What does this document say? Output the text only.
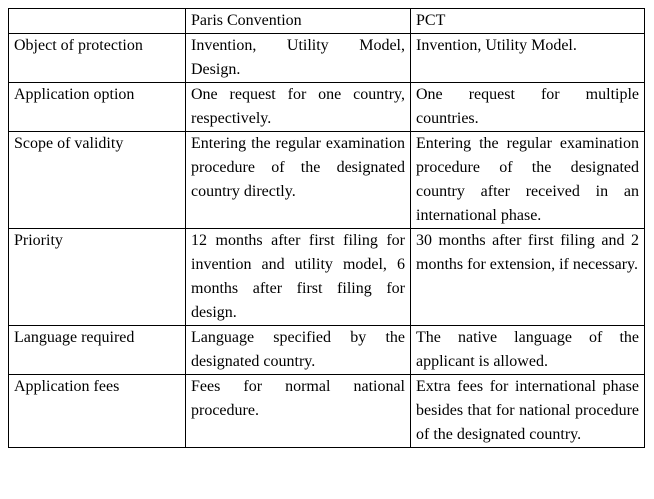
	Paris Convention	PCT
Object of protection	Invention, Utility Model, Design.	Invention, Utility Model.
Application option	One request for one country, respectively.	One request for multiple countries.
Scope of validity	Entering the regular examination procedure of the designated country directly.	Entering the regular examination procedure of the designated country after received in an international phase.
Priority	12 months after first filing for invention and utility model, 6 months after first filing for design.	30 months after first filing and 2 months for extension, if necessary.
Language required	Language specified by the designated country.	The native language of the applicant is allowed.
Application fees	Fees for normal national procedure.	Extra fees for international phase besides that for national procedure of the designated country.
